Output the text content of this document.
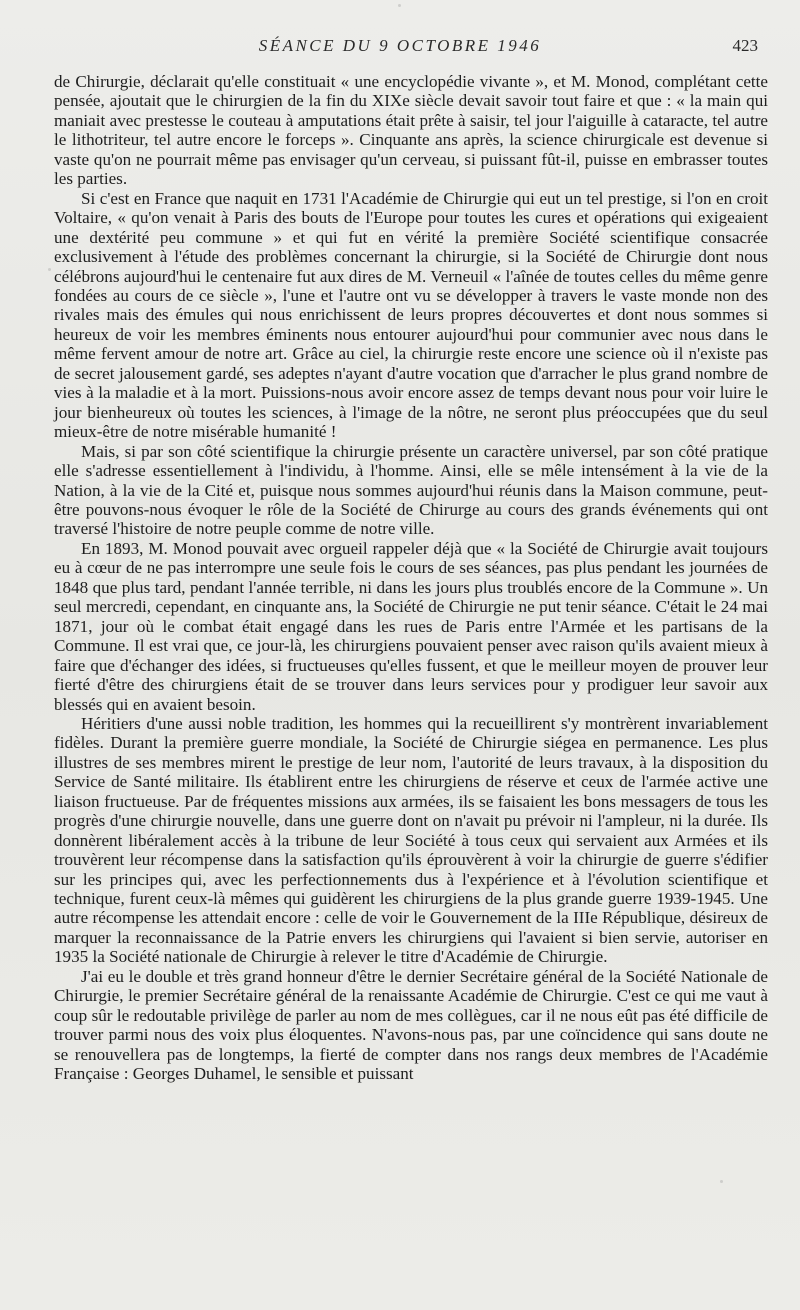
SÉANCE DU 9 OCTOBRE 1946	423

de Chirurgie, déclarait qu'elle constituait « une encyclopédie vivante », et M. Monod, complétant cette pensée, ajoutait que le chirurgien de la fin du XIXe siècle devait savoir tout faire et que : « la main qui maniait avec prestesse le couteau à amputations était prête à saisir, tel jour l'aiguille à cataracte, tel autre le lithotriteur, tel autre encore le forceps ». Cinquante ans après, la science chirurgicale est devenue si vaste qu'on ne pourrait même pas envisager qu'un cerveau, si puissant fût-il, puisse en embrasser toutes les parties.

Si c'est en France que naquit en 1731 l'Académie de Chirurgie qui eut un tel prestige, si l'on en croit Voltaire, « qu'on venait à Paris des bouts de l'Europe pour toutes les cures et opérations qui exigeaient une dextérité peu commune » et qui fut en vérité la première Société scientifique consacrée exclusivement à l'étude des problèmes concernant la chirurgie, si la Société de Chirurgie dont nous célébrons aujourd'hui le centenaire fut aux dires de M. Verneuil « l'aînée de toutes celles du même genre fondées au cours de ce siècle », l'une et l'autre ont vu se développer à travers le vaste monde non des rivales mais des émules qui nous enrichissent de leurs propres découvertes et dont nous sommes si heureux de voir les membres éminents nous entourer aujourd'hui pour communier avec nous dans le même fervent amour de notre art. Grâce au ciel, la chirurgie reste encore une science où il n'existe pas de secret jalousement gardé, ses adeptes n'ayant d'autre vocation que d'arracher le plus grand nombre de vies à la maladie et à la mort. Puissions-nous avoir encore assez de temps devant nous pour voir luire le jour bienheureux où toutes les sciences, à l'image de la nôtre, ne seront plus préoccupées que du seul mieux-être de notre misérable humanité !

Mais, si par son côté scientifique la chirurgie présente un caractère universel, par son côté pratique elle s'adresse essentiellement à l'individu, à l'homme. Ainsi, elle se mêle intensément à la vie de la Nation, à la vie de la Cité et, puisque nous sommes aujourd'hui réunis dans la Maison commune, peut-être pouvons-nous évoquer le rôle de la Société de Chirurge au cours des grands événements qui ont traversé l'histoire de notre peuple comme de notre ville.

En 1893, M. Monod pouvait avec orgueil rappeler déjà que « la Société de Chirurgie avait toujours eu à cœur de ne pas interrompre une seule fois le cours de ses séances, pas plus pendant les journées de 1848 que plus tard, pendant l'année terrible, ni dans les jours plus troublés encore de la Commune ». Un seul mercredi, cependant, en cinquante ans, la Société de Chirurgie ne put tenir séance. C'était le 24 mai 1871, jour où le combat était engagé dans les rues de Paris entre l'Armée et les partisans de la Commune. Il est vrai que, ce jour-là, les chirurgiens pouvaient penser avec raison qu'ils avaient mieux à faire que d'échanger des idées, si fructueuses qu'elles fussent, et que le meilleur moyen de prouver leur fierté d'être des chirurgiens était de se trouver dans leurs services pour y prodiguer leur savoir aux blessés qui en avaient besoin.

Héritiers d'une aussi noble tradition, les hommes qui la recueillirent s'y montrèrent invariablement fidèles. Durant la première guerre mondiale, la Société de Chirurgie siégea en permanence. Les plus illustres de ses membres mirent le prestige de leur nom, l'autorité de leurs travaux, à la disposition du Service de Santé militaire. Ils établirent entre les chirurgiens de réserve et ceux de l'armée active une liaison fructueuse. Par de fréquentes missions aux armées, ils se faisaient les bons messagers de tous les progrès d'une chirurgie nouvelle, dans une guerre dont on n'avait pu prévoir ni l'ampleur, ni la durée. Ils donnèrent libéralement accès à la tribune de leur Société à tous ceux qui servaient aux Armées et ils trouvèrent leur récompense dans la satisfaction qu'ils éprouvèrent à voir la chirurgie de guerre s'édifier sur les principes qui, avec les perfectionnements dus à l'expérience et à l'évolution scientifique et technique, furent ceux-là mêmes qui guidèrent les chirurgiens de la plus grande guerre 1939-1945. Une autre récompense les attendait encore : celle de voir le Gouvernement de la IIIe République, désireux de marquer la reconnaissance de la Patrie envers les chirurgiens qui l'avaient si bien servie, autoriser en 1935 la Société nationale de Chirurgie à relever le titre d'Académie de Chirurgie.

J'ai eu le double et très grand honneur d'être le dernier Secrétaire général de la Société Nationale de Chirurgie, le premier Secrétaire général de la renaissante Académie de Chirurgie. C'est ce qui me vaut à coup sûr le redoutable privilège de parler au nom de mes collègues, car il ne nous eût pas été difficile de trouver parmi nous des voix plus éloquentes. N'avons-nous pas, par une coïncidence qui sans doute ne se renouvellera pas de longtemps, la fierté de compter dans nos rangs deux membres de l'Académie Française : Georges Duhamel, le sensible et puissant
